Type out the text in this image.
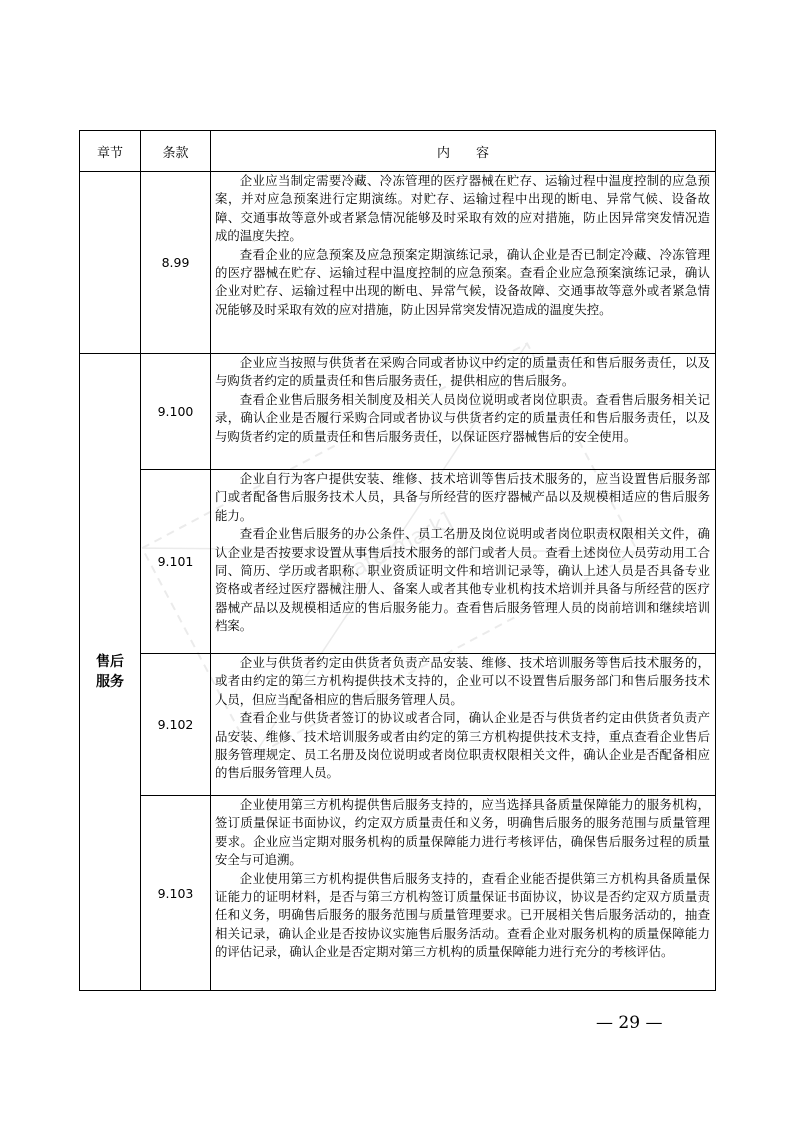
[watermark]
章节	条款	内　　容
售后服务
8.99

企业应当制定需要冷藏、冷冻管理的医疗器械在贮存、运输过程中温度控制的应急预案，并对应急预案进行定期演练。对贮存、运输过程中出现的断电、异常气候、设备故障、交通事故等意外或者紧急情况能够及时采取有效的应对措施，防止因异常突发情况造成的温度失控。

查看企业的应急预案及应急预案定期演练记录，确认企业是否已制定冷藏、冷冻管理的医疗器械在贮存、运输过程中温度控制的应急预案。查看企业应急预案演练记录，确认企业对贮存、运输过程中出现的断电、异常气候，设备故障、交通事故等意外或者紧急情况能够及时采取有效的应对措施，防止因异常突发情况造成的温度失控。

9.100

企业应当按照与供货者在采购合同或者协议中约定的质量责任和售后服务责任，以及与购货者约定的质量责任和售后服务责任，提供相应的售后服务。

查看企业售后服务相关制度及相关人员岗位说明或者岗位职责。查看售后服务相关记录，确认企业是否履行采购合同或者协议与供货者约定的质量责任和售后服务责任，以及与购货者约定的质量责任和售后服务责任，以保证医疗器械售后的安全使用。

9.101

企业自行为客户提供安装、维修、技术培训等售后技术服务的，应当设置售后服务部门或者配备售后服务技术人员，具备与所经营的医疗器械产品以及规模相适应的售后服务能力。

查看企业售后服务的办公条件、员工名册及岗位说明或者岗位职责权限相关文件，确认企业是否按要求设置从事售后技术服务的部门或者人员。查看上述岗位人员劳动用工合同、简历、学历或者职称、职业资质证明文件和培训记录等，确认上述人员是否具备专业资格或者经过医疗器械注册人、备案人或者其他专业机构技术培训并具备与所经营的医疗器械产品以及规模相适应的售后服务能力。查看售后服务管理人员的岗前培训和继续培训档案。

9.102

企业与供货者约定由供货者负责产品安装、维修、技术培训服务等售后技术服务的，或者由约定的第三方机构提供技术支持的，企业可以不设置售后服务部门和售后服务技术人员，但应当配备相应的售后服务管理人员。

查看企业与供货者签订的协议或者合同，确认企业是否与供货者约定由供货者负责产品安装、维修、技术培训服务或者由约定的第三方机构提供技术支持，重点查看企业售后服务管理规定、员工名册及岗位说明或者岗位职责权限相关文件，确认企业是否配备相应的售后服务管理人员。

9.103

企业使用第三方机构提供售后服务支持的，应当选择具备质量保障能力的服务机构，签订质量保证书面协议，约定双方质量责任和义务，明确售后服务的服务范围与质量管理要求。企业应当定期对服务机构的质量保障能力进行考核评估，确保售后服务过程的质量安全与可追溯。

企业使用第三方机构提供售后服务支持的，查看企业能否提供第三方机构具备质量保证能力的证明材料，是否与第三方机构签订质量保证书面协议，协议是否约定双方质量责任和义务，明确售后服务的服务范围与质量管理要求。已开展相关售后服务活动的，抽查相关记录，确认企业是否按协议实施售后服务活动。查看企业对服务机构的质量保障能力的评估记录，确认企业是否定期对第三方机构的质量保障能力进行充分的考核评估。

— 29 —
